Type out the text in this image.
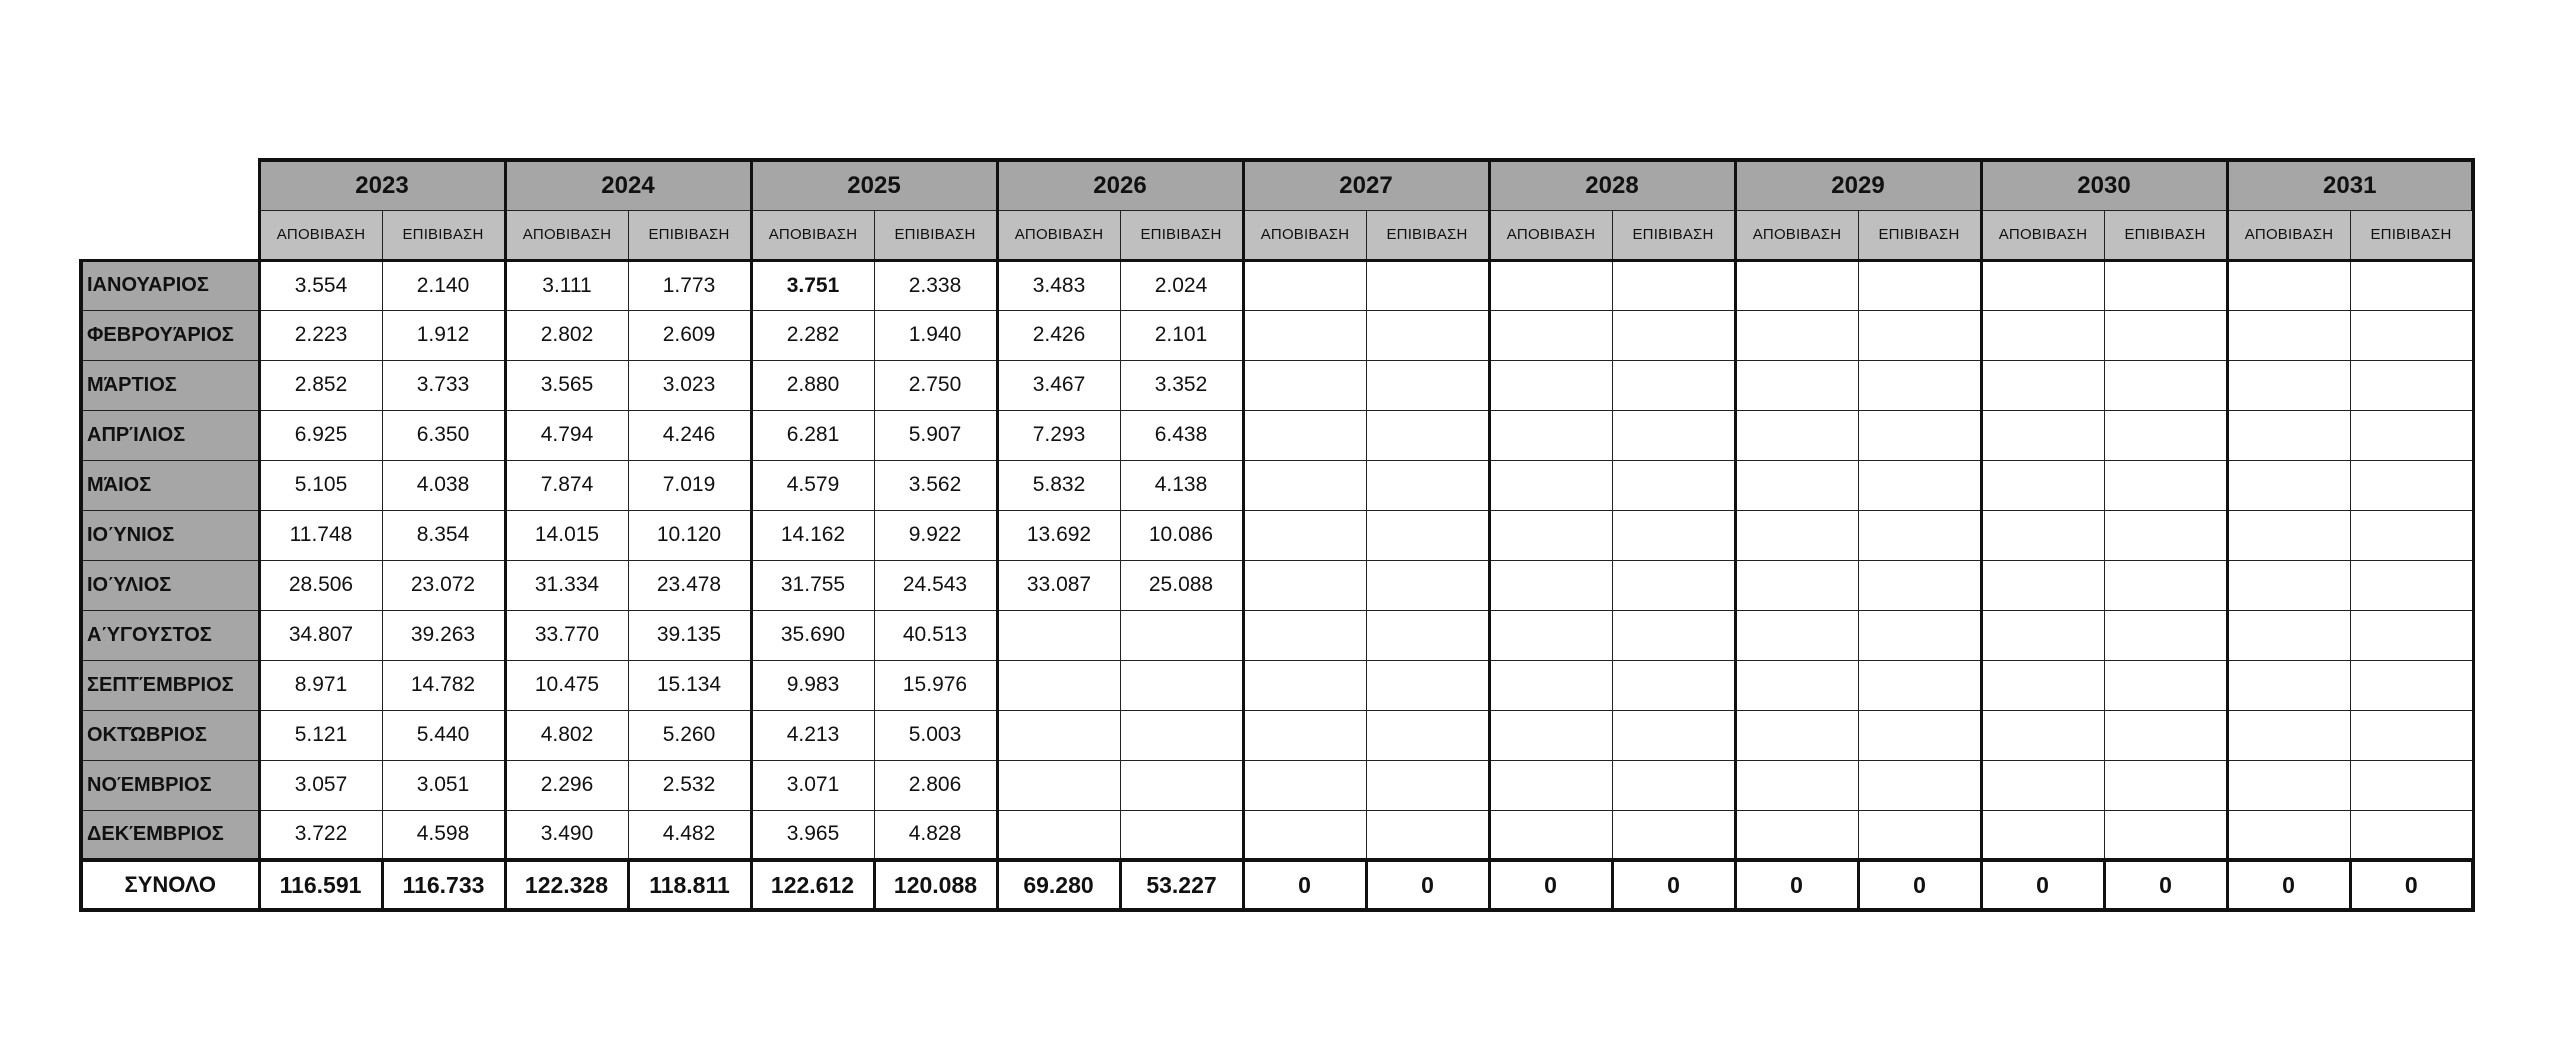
	2023		2024		2025		2026		2027		2028		2029		2030		2031	
	ΑΠΟΒΙΒΑΣΗ	ΕΠΙΒΙΒΑΣΗ	ΑΠΟΒΙΒΑΣΗ	ΕΠΙΒΙΒΑΣΗ	ΑΠΟΒΙΒΑΣΗ	ΕΠΙΒΙΒΑΣΗ	ΑΠΟΒΙΒΑΣΗ	ΕΠΙΒΙΒΑΣΗ	ΑΠΟΒΙΒΑΣΗ	ΕΠΙΒΙΒΑΣΗ	ΑΠΟΒΙΒΑΣΗ	ΕΠΙΒΙΒΑΣΗ	ΑΠΟΒΙΒΑΣΗ	ΕΠΙΒΙΒΑΣΗ	ΑΠΟΒΙΒΑΣΗ	ΕΠΙΒΙΒΑΣΗ	ΑΠΟΒΙΒΑΣΗ	ΕΠΙΒΙΒΑΣΗ
ΙΑΝΟΥΑΡΙΟΣ	3.554	2.140	3.111	1.773	3.751	2.338	3.483	2.024										
ΦΕΒΡΟΥΆΡΙΟΣ	2.223	1.912	2.802	2.609	2.282	1.940	2.426	2.101										
ΜΆΡΤΙΟΣ	2.852	3.733	3.565	3.023	2.880	2.750	3.467	3.352										
ΑΠΡΊΛΙΟΣ	6.925	6.350	4.794	4.246	6.281	5.907	7.293	6.438										
ΜΆΙΟΣ	5.105	4.038	7.874	7.019	4.579	3.562	5.832	4.138										
ΙΟΎΝΙΟΣ	11.748	8.354	14.015	10.120	14.162	9.922	13.692	10.086										
ΙΟΎΛΙΟΣ	28.506	23.072	31.334	23.478	31.755	24.543	33.087	25.088										
ΑΎΓΟΥΣΤΟΣ	34.807	39.263	33.770	39.135	35.690	40.513												
ΣΕΠΤΈΜΒΡΙΟΣ	8.971	14.782	10.475	15.134	9.983	15.976												
ΟΚΤΏΒΡΙΟΣ	5.121	5.440	4.802	5.260	4.213	5.003												
ΝΟΈΜΒΡΙΟΣ	3.057	3.051	2.296	2.532	3.071	2.806												
ΔΕΚΈΜΒΡΙΟΣ	3.722	4.598	3.490	4.482	3.965	4.828												
ΣΥΝΟΛΟ	116.591	116.733	122.328	118.811	122.612	120.088	69.280	53.227	0	0	0	0	0	0	0	0	0	0
